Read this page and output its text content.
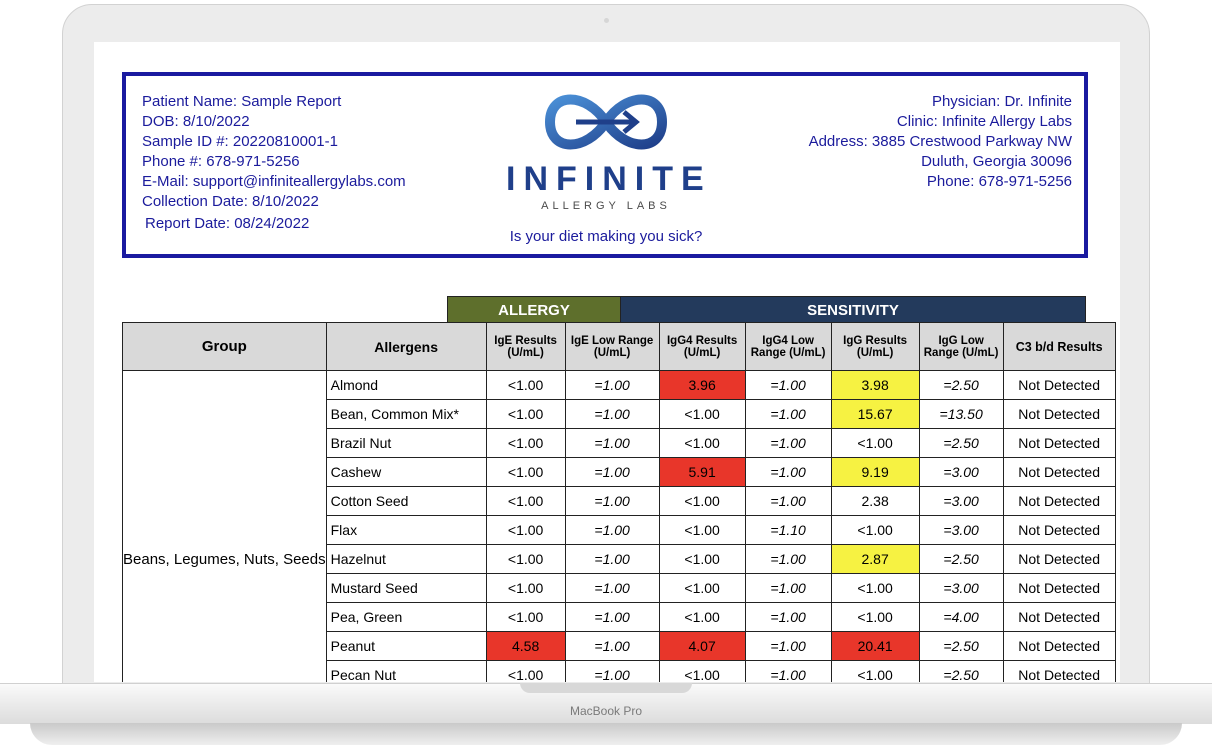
Patient Name: Sample Report
DOB: 8/10/2022
Sample ID #: 20220810001-1
Phone #: 678-971-5256
E-Mail: support@infiniteallergylabs.com
Collection Date: 8/10/2022
Report Date: 08/24/2022
INFINITE
ALLERGY LABS
Is your diet making you sick?
Physician: Dr. Infinite
Clinic: Infinite Allergy Labs
Address: 3885 Crestwood Parkway NW
Duluth, Georgia 30096
Phone: 678-971-5256
ALLERGY	SENSITIVITY
Group	Allergens	IgE Results (U/mL)	IgE Low Range (U/mL)	IgG4 Results (U/mL)	IgG4 Low Range (U/mL)	IgG Results (U/mL)	IgG Low Range (U/mL)	C3 b/d Results
Beans, Legumes, Nuts, Seeds	Almond	<1.00	=1.00	3.96	=1.00	3.98	=2.50	Not Detected
	Bean, Common Mix*	<1.00	=1.00	<1.00	=1.00	15.67	=13.50	Not Detected
	Brazil Nut	<1.00	=1.00	<1.00	=1.00	<1.00	=2.50	Not Detected
	Cashew	<1.00	=1.00	5.91	=1.00	9.19	=3.00	Not Detected
	Cotton Seed	<1.00	=1.00	<1.00	=1.00	2.38	=3.00	Not Detected
	Flax	<1.00	=1.00	<1.00	=1.10	<1.00	=3.00	Not Detected
	Hazelnut	<1.00	=1.00	<1.00	=1.00	2.87	=2.50	Not Detected
	Mustard Seed	<1.00	=1.00	<1.00	=1.00	<1.00	=3.00	Not Detected
	Pea, Green	<1.00	=1.00	<1.00	=1.00	<1.00	=4.00	Not Detected
	Peanut	4.58	=1.00	4.07	=1.00	20.41	=2.50	Not Detected
	Pecan Nut	<1.00	=1.00	<1.00	=1.00	<1.00	=2.50	Not Detected
MacBook Pro
